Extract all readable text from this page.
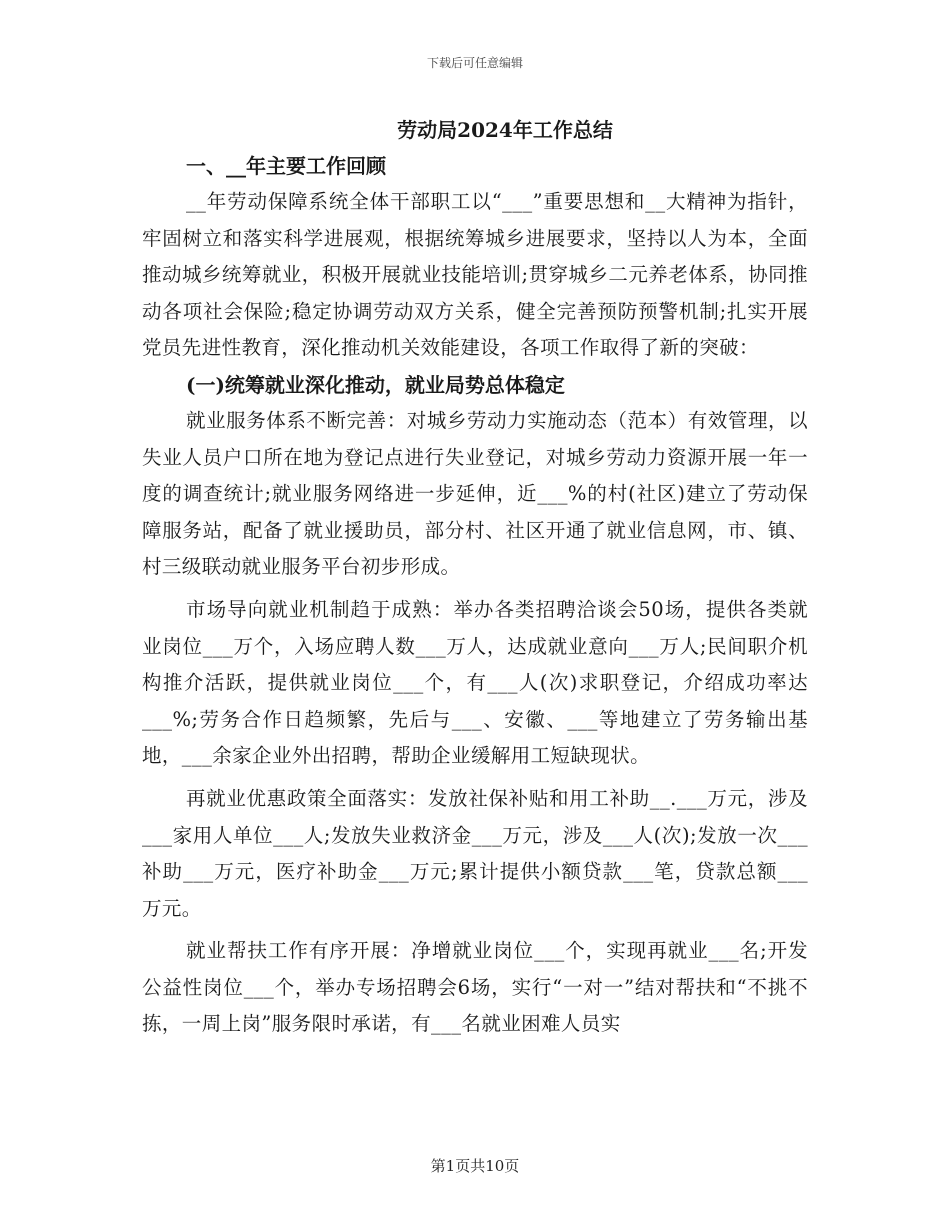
下载后可任意编辑
劳动局2024年工作总结
一、__年主要工作回顾

__年劳动保障系统全体干部职工以“___”重要思想和__大精神为指针，牢固树立和落实科学进展观，根据统筹城乡进展要求，坚持以人为本，全面推动城乡统筹就业，积极开展就业技能培训;贯穿城乡二元养老体系，协同推动各项社会保险;稳定协调劳动双方关系，健全完善预防预警机制;扎实开展党员先进性教育，深化推动机关效能建设，各项工作取得了新的突破：

(一)统筹就业深化推动，就业局势总体稳定

就业服务体系不断完善：对城乡劳动力实施动态（范本）有效管理，以失业人员户口所在地为登记点进行失业登记，对城乡劳动力资源开展一年一度的调查统计;就业服务网络进一步延伸，近___%的村(社区)建立了劳动保障服务站，配备了就业援助员，部分村、社区开通了就业信息网，市、镇、村三级联动就业服务平台初步形成。

市场导向就业机制趋于成熟：举办各类招聘洽谈会50场，提供各类就业岗位___万个，入场应聘人数___万人，达成就业意向___万人;民间职介机构推介活跃，提供就业岗位___个，有___人(次)求职登记，介绍成功率达___%;劳务合作日趋频繁，先后与___、安徽、___等地建立了劳务输出基地，___余家企业外出招聘，帮助企业缓解用工短缺现状。

再就业优惠政策全面落实：发放社保补贴和用工补助__.___万元，涉及___家用人单位___人;发放失业救济金___万元，涉及___人(次);发放一次___补助___万元，医疗补助金___万元;累计提供小额贷款___笔，贷款总额___万元。

就业帮扶工作有序开展：净增就业岗位___个，实现再就业___名;开发公益性岗位___个，举办专场招聘会6场，实行“一对一”结对帮扶和“不挑不拣，一周上岗”服务限时承诺，有___名就业困难人员实

第1页共10页
